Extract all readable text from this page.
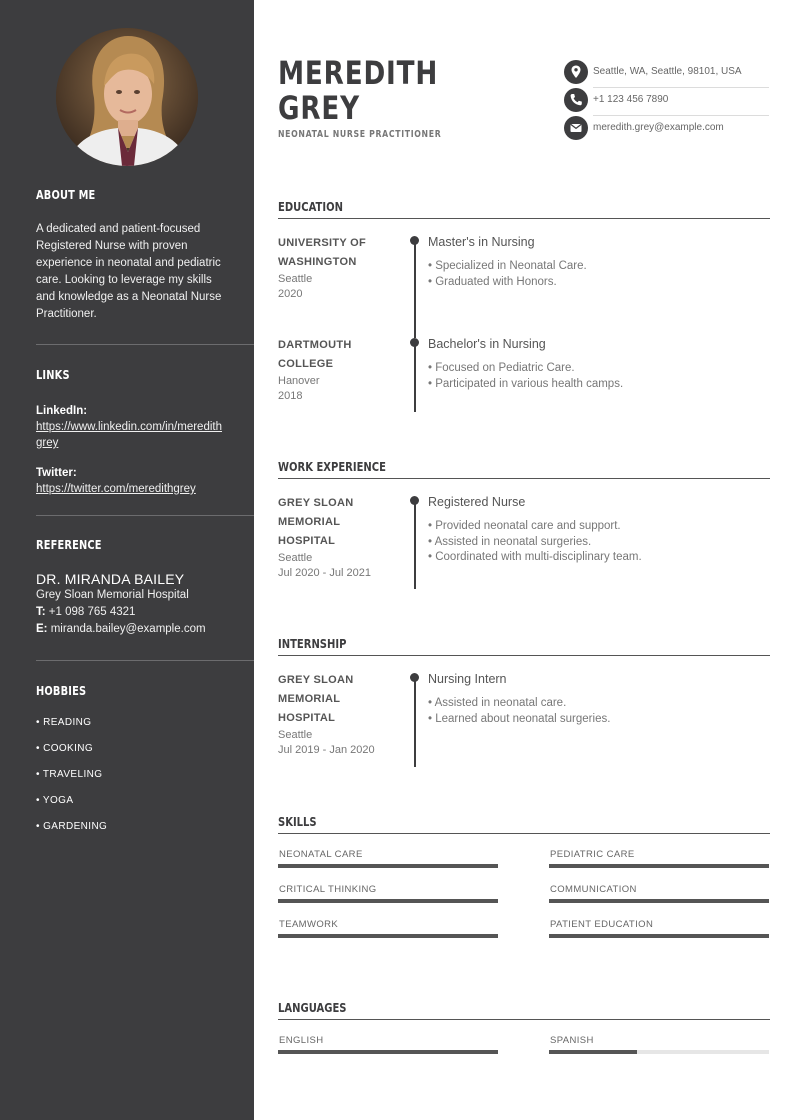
ABOUT ME
A dedicated and patient-focused Registered Nurse with proven experience in neonatal and pediatric care. Looking to leverage my skills and knowledge as a Neonatal Nurse Practitioner.
LINKS
LinkedIn:
https://www.linkedin.com/in/meredithgrey
Twitter:
https://twitter.com/meredithgrey
REFERENCE
DR. MIRANDA BAILEY
Grey Sloan Memorial Hospital
T: +1 098 765 4321
E: miranda.bailey@example.com
HOBBIES
• READING
• COOKING
• TRAVELING
• YOGA
• GARDENING
MEREDITH
GREY
NEONATAL NURSE PRACTITIONER
Seattle, WA, Seattle, 98101, USA
+1 123 456 7890
meredith.grey@example.com
EDUCATION
UNIVERSITY OF
WASHINGTON
Seattle
2020
Master's in Nursing
• Specialized in Neonatal Care.
• Graduated with Honors.
DARTMOUTH
COLLEGE
Hanover
2018
Bachelor's in Nursing
• Focused on Pediatric Care.
• Participated in various health camps.
WORK EXPERIENCE
GREY SLOAN
MEMORIAL
HOSPITAL
Seattle
Jul 2020 - Jul 2021
Registered Nurse
• Provided neonatal care and support.
• Assisted in neonatal surgeries.
• Coordinated with multi-disciplinary team.
INTERNSHIP
GREY SLOAN
MEMORIAL
HOSPITAL
Seattle
Jul 2019 - Jan 2020
Nursing Intern
• Assisted in neonatal care.
• Learned about neonatal surgeries.
SKILLS
NEONATAL CARE	PEDIATRIC CARE
CRITICAL THINKING	COMMUNICATION
TEAMWORK	PATIENT EDUCATION
LANGUAGES
ENGLISH	SPANISH
